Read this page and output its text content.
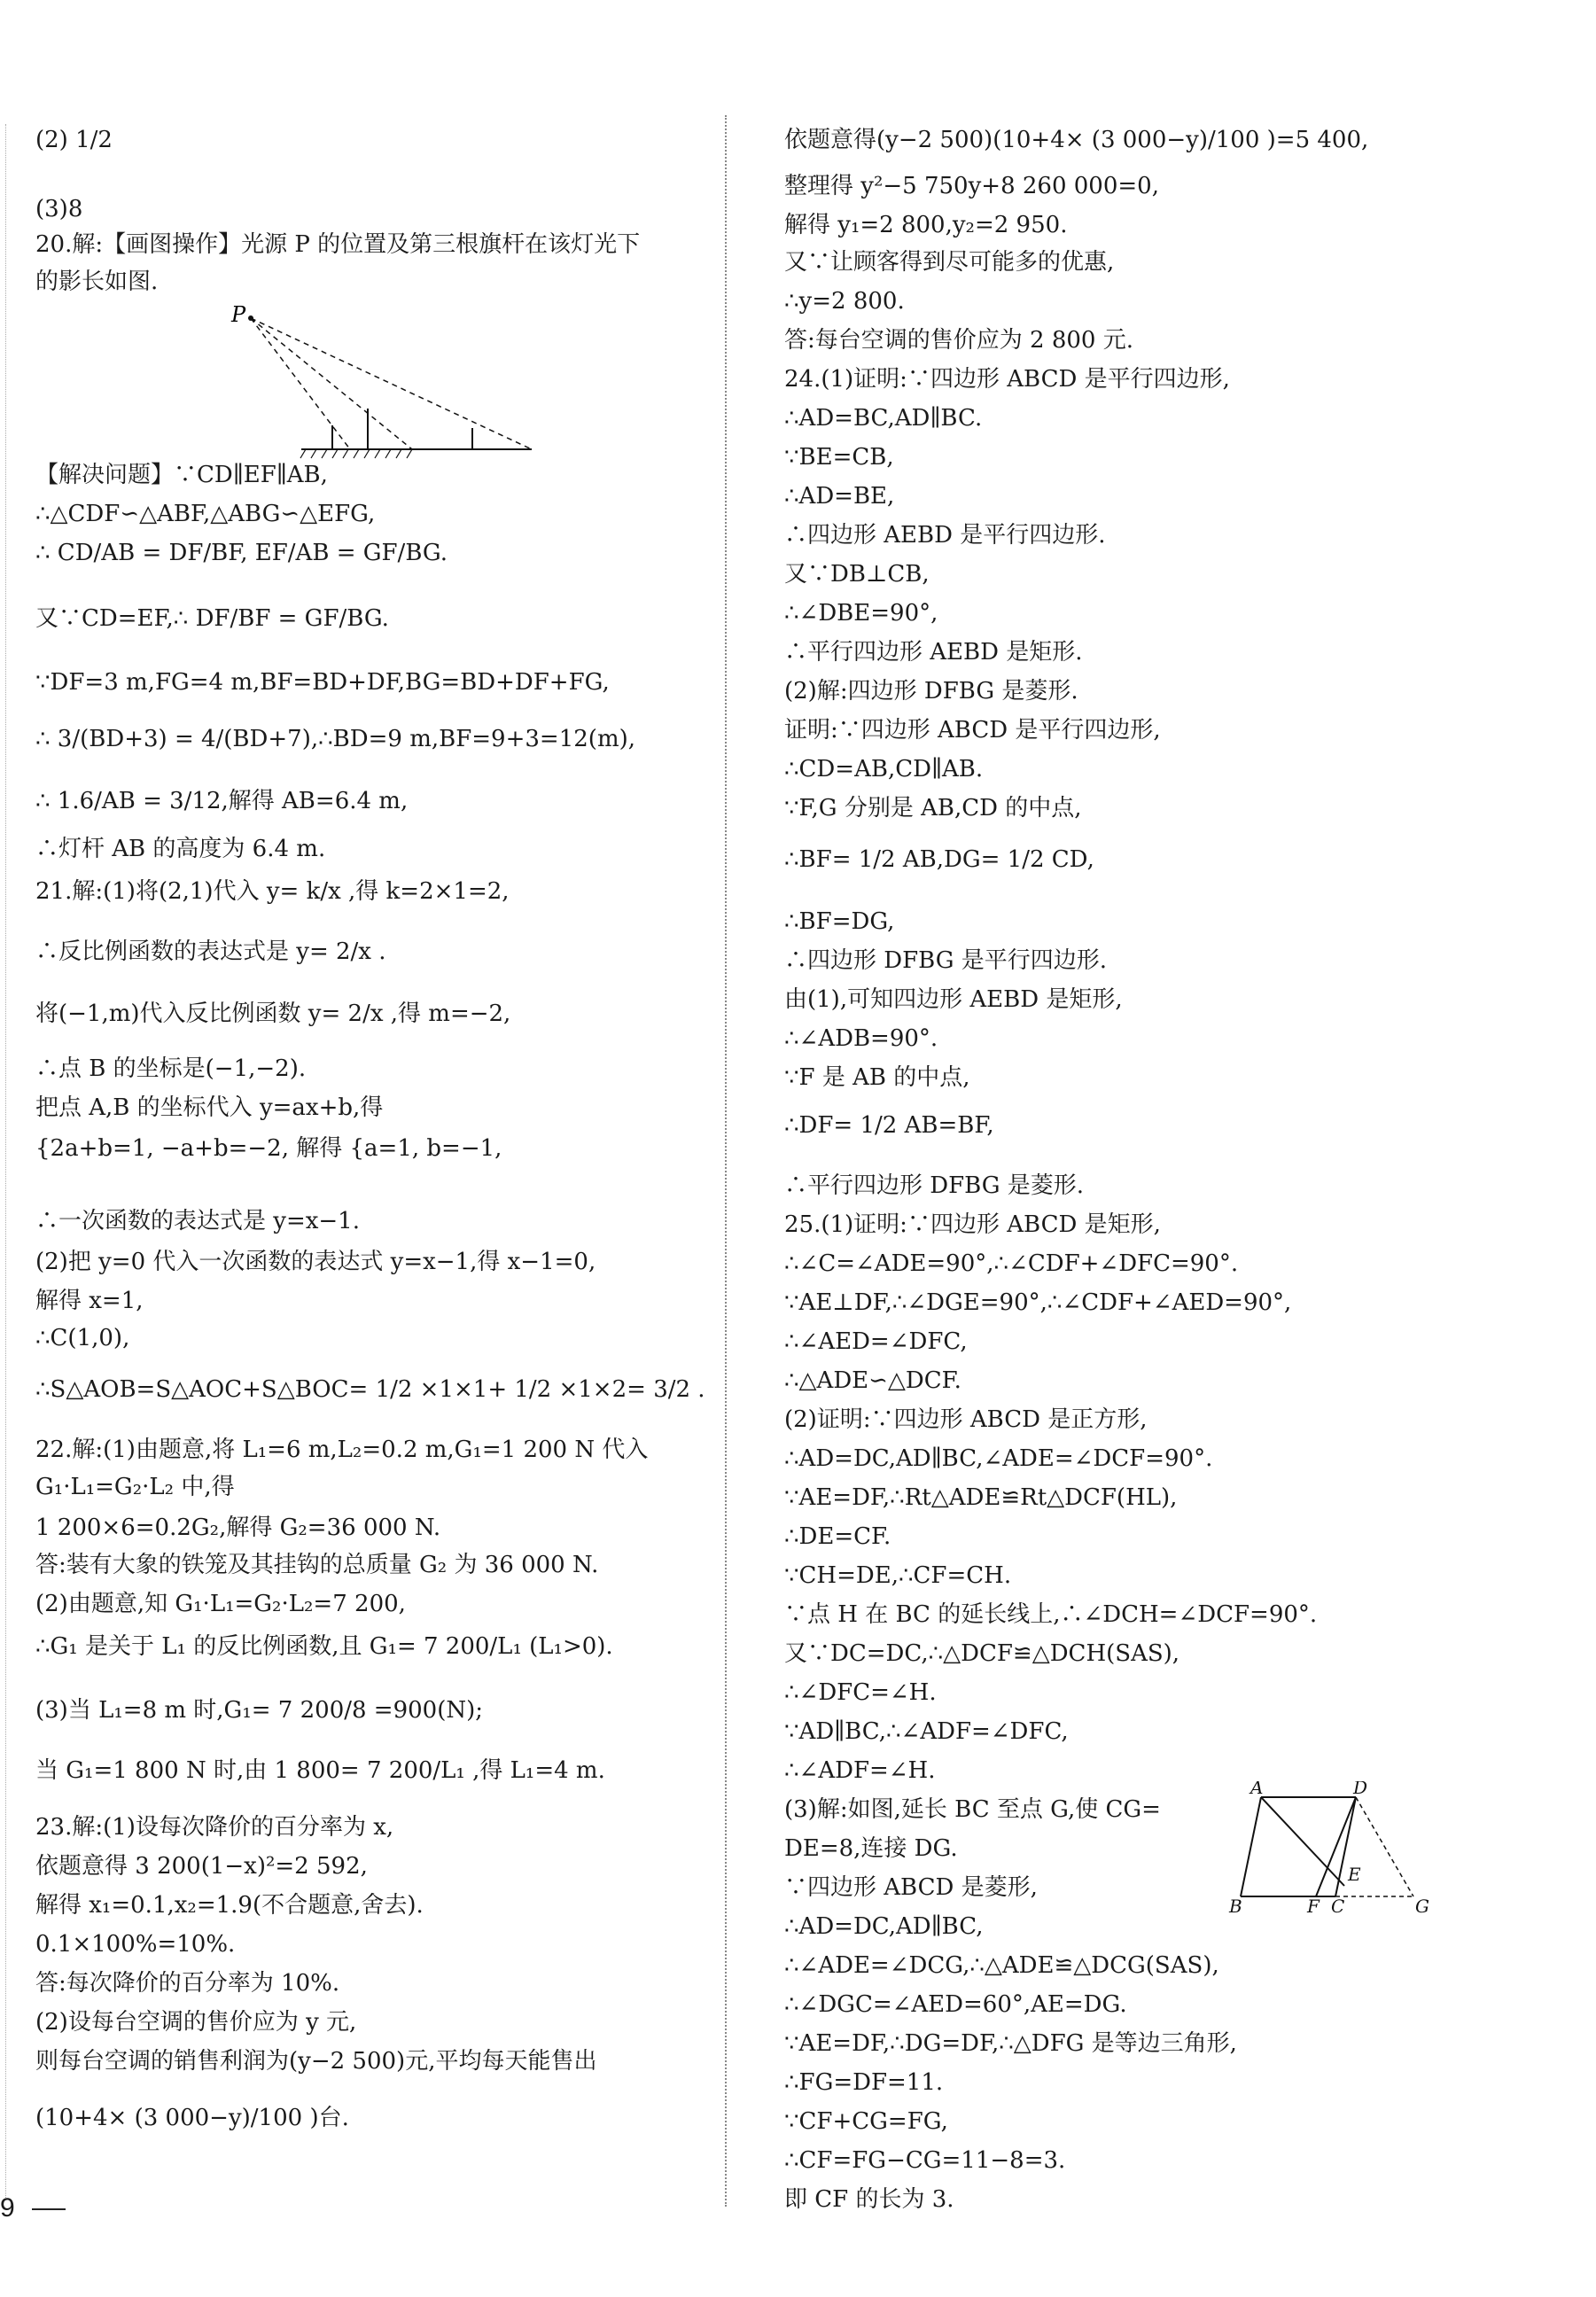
(2) 1/2
(3)8
20.解:【画图操作】光源 P 的位置及第三根旗杆在该灯光下
的影长如图.
【解决问题】∵CD∥EF∥AB,
∴△CDF∽△ABF,△ABG∽△EFG,
∴ CD/AB = DF/BF, EF/AB = GF/BG.
又∵CD=EF,∴ DF/BF = GF/BG.
∵DF=3 m,FG=4 m,BF=BD+DF,BG=BD+DF+FG,
∴ 3/(BD+3) = 4/(BD+7),∴BD=9 m,BF=9+3=12(m),
∴ 1.6/AB = 3/12,解得 AB=6.4 m,
∴灯杆 AB 的高度为 6.4 m.
21.解:(1)将(2,1)代入 y= k/x ,得 k=2×1=2,
∴反比例函数的表达式是 y= 2/x .
将(−1,m)代入反比例函数 y= 2/x ,得 m=−2,
∴点 B 的坐标是(−1,−2).
把点 A,B 的坐标代入 y=ax+b,得
{2a+b=1, −a+b=−2, 解得 {a=1, b=−1,
∴一次函数的表达式是 y=x−1.
(2)把 y=0 代入一次函数的表达式 y=x−1,得 x−1=0,
解得 x=1,
∴C(1,0),
∴S△AOB=S△AOC+S△BOC= 1/2 ×1×1+ 1/2 ×1×2= 3/2 .
22.解:(1)由题意,将 L₁=6 m,L₂=0.2 m,G₁=1 200 N 代入
G₁·L₁=G₂·L₂ 中,得
1 200×6=0.2G₂,解得 G₂=36 000 N.
答:装有大象的铁笼及其挂钩的总质量 G₂ 为 36 000 N.
(2)由题意,知 G₁·L₁=G₂·L₂=7 200,
∴G₁ 是关于 L₁ 的反比例函数,且 G₁= 7 200/L₁ (L₁>0).
(3)当 L₁=8 m 时,G₁= 7 200/8 =900(N);
当 G₁=1 800 N 时,由 1 800= 7 200/L₁ ,得 L₁=4 m.
23.解:(1)设每次降价的百分率为 x,
依题意得 3 200(1−x)²=2 592,
解得 x₁=0.1,x₂=1.9(不合题意,舍去).
0.1×100%=10%.
答:每次降价的百分率为 10%.
(2)设每台空调的售价应为 y 元,
则每台空调的销售利润为(y−2 500)元,平均每天能售出
(10+4× (3 000−y)/100 )台.
依题意得(y−2 500)(10+4× (3 000−y)/100 )=5 400,
整理得 y²−5 750y+8 260 000=0,
解得 y₁=2 800,y₂=2 950.
又∵让顾客得到尽可能多的优惠,
∴y=2 800.
答:每台空调的售价应为 2 800 元.
24.(1)证明:∵四边形 ABCD 是平行四边形,
∴AD=BC,AD∥BC.
∵BE=CB,
∴AD=BE,
∴四边形 AEBD 是平行四边形.
又∵DB⊥CB,
∴∠DBE=90°,
∴平行四边形 AEBD 是矩形.
(2)解:四边形 DFBG 是菱形.
证明:∵四边形 ABCD 是平行四边形,
∴CD=AB,CD∥AB.
∵F,G 分别是 AB,CD 的中点,
∴BF= 1/2 AB,DG= 1/2 CD,
∴BF=DG,
∴四边形 DFBG 是平行四边形.
由(1),可知四边形 AEBD 是矩形,
∴∠ADB=90°.
∵F 是 AB 的中点,
∴DF= 1/2 AB=BF,
∴平行四边形 DFBG 是菱形.
25.(1)证明:∵四边形 ABCD 是矩形,
∴∠C=∠ADE=90°,∴∠CDF+∠DFC=90°.
∵AE⊥DF,∴∠DGE=90°,∴∠CDF+∠AED=90°,
∴∠AED=∠DFC,
∴△ADE∽△DCF.
(2)证明:∵四边形 ABCD 是正方形,
∴AD=DC,AD∥BC,∠ADE=∠DCF=90°.
∵AE=DF,∴Rt△ADE≌Rt△DCF(HL),
∴DE=CF.
∵CH=DE,∴CF=CH.
∵点 H 在 BC 的延长线上,∴∠DCH=∠DCF=90°.
又∵DC=DC,∴△DCF≌△DCH(SAS),
∴∠DFC=∠H.
∵AD∥BC,∴∠ADF=∠DFC,
∴∠ADF=∠H.
(3)解:如图,延长 BC 至点 G,使 CG=
DE=8,连接 DG.
∵四边形 ABCD 是菱形,
∴AD=DC,AD∥BC,
∴∠ADE=∠DCG,∴△ADE≌△DCG(SAS),
∴∠DGC=∠AED=60°,AE=DG.
∵AE=DF,∴DG=DF,∴△DFG 是等边三角形,
∴FG=DF=11.
∵CF+CG=FG,
∴CF=FG−CG=11−8=3.
即 CF 的长为 3.
P
A	D
B	F C
E
G
9
